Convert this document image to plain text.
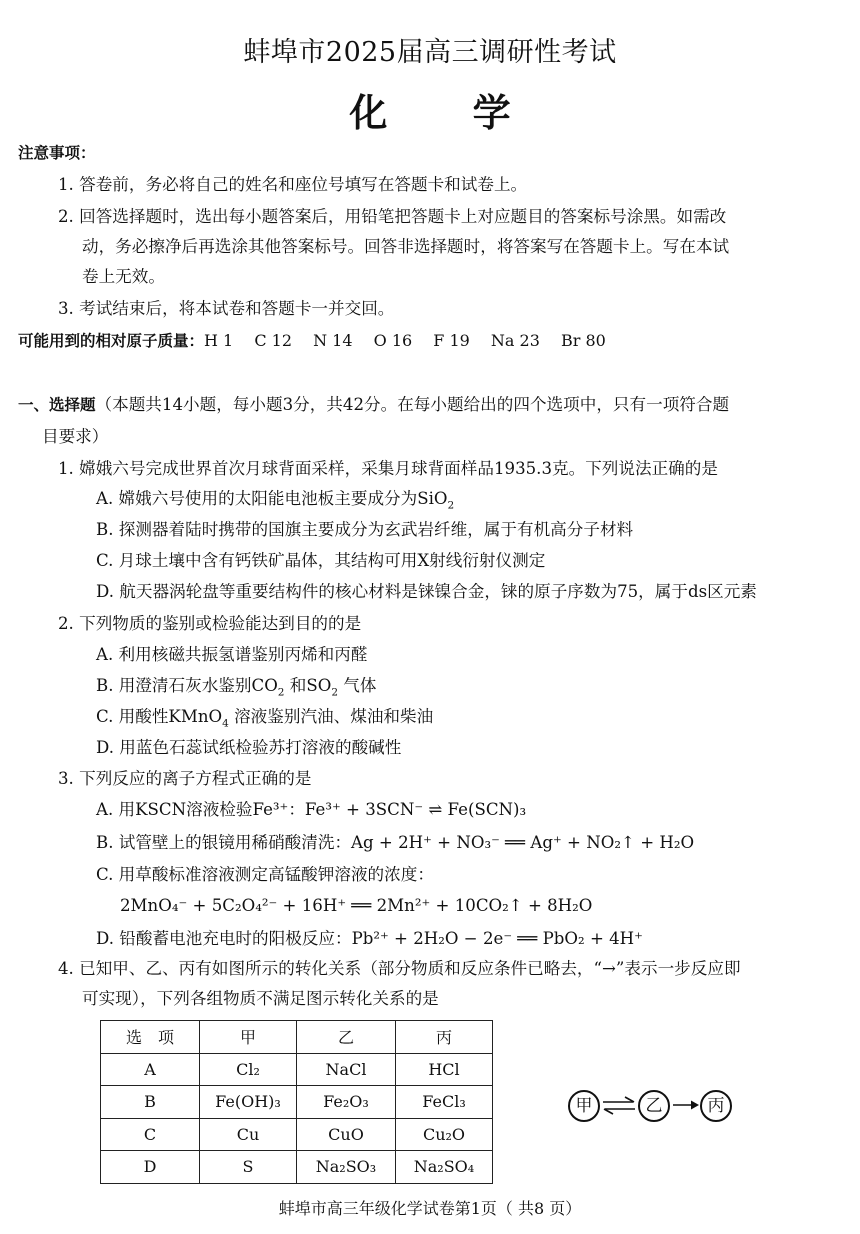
蚌埠市2025届高三调研性考试
化 学
注意事项：
1. 答卷前，务必将自己的姓名和座位号填写在答题卡和试卷上。
2. 回答选择题时，选出每小题答案后，用铅笔把答题卡上对应题目的答案标号涂黑。如需改
动，务必擦净后再选涂其他答案标号。回答非选择题时，将答案写在答题卡上。写在本试
卷上无效。
3. 考试结束后，将本试卷和答题卡一并交回。
可能用到的相对原子质量：H 1　 C 12　 N 14　 O 16　 F 19　 Na 23　 Br 80
一、选择题（本题共14小题，每小题3分，共42分。在每小题给出的四个选项中，只有一项符合题
目要求）
1. 嫦娥六号完成世界首次月球背面采样，采集月球背面样品1935.3克。下列说法正确的是
A. 嫦娥六号使用的太阳能电池板主要成分为SiO$_2$
B. 探测器着陆时携带的国旗主要成分为玄武岩纤维，属于有机高分子材料
C. 月球土壤中含有钙铁矿晶体，其结构可用X射线衍射仪测定
D. 航天器涡轮盘等重要结构件的核心材料是铼镍合金，铼的原子序数为75，属于ds区元素
2. 下列物质的鉴别或检验能达到目的的是
A. 利用核磁共振氢谱鉴别丙烯和丙醛
B. 用澄清石灰水鉴别$CO_2$ 和$SO_2$ 气体
C. 用酸性KMnO$_4$ 溶液鉴别汽油、煤油和柴油
D. 用蓝色石蕊试纸检验苏打溶液的酸碱性
3. 下列反应的离子方程式正确的是
A. 用KSCN溶液检验Fe³⁺：Fe³⁺ + 3SCN⁻ ⇌ Fe(SCN)₃
B. 试管壁上的银镜用稀硝酸清洗：Ag + 2H⁺ + NO₃⁻ ══ Ag⁺ + NO₂↑ + H₂O
C. 用草酸标准溶液测定高锰酸钾溶液的浓度：
2MnO₄⁻ + 5C₂O₄²⁻ + 16H⁺ ══ 2Mn²⁺ + 10CO₂↑ + 8H₂O
D. 铅酸蓄电池充电时的阳极反应：Pb²⁺ + 2H₂O − 2e⁻ ══ PbO₂ + 4H⁺
4. 已知甲、乙、丙有如图所示的转化关系（部分物质和反应条件已略去，“→”表示一步反应即
可实现），下列各组物质不满足图示转化关系的是
选　项	甲	乙	丙
A	Cl₂	NaCl	HCl
B	Fe(OH)₃	Fe₂O₃	FeCl₃
C	Cu	CuO	Cu₂O
D	S	Na₂SO₃	Na₂SO₄
甲	乙	丙
蚌埠市高三年级化学试卷第1页（ 共8 页）
